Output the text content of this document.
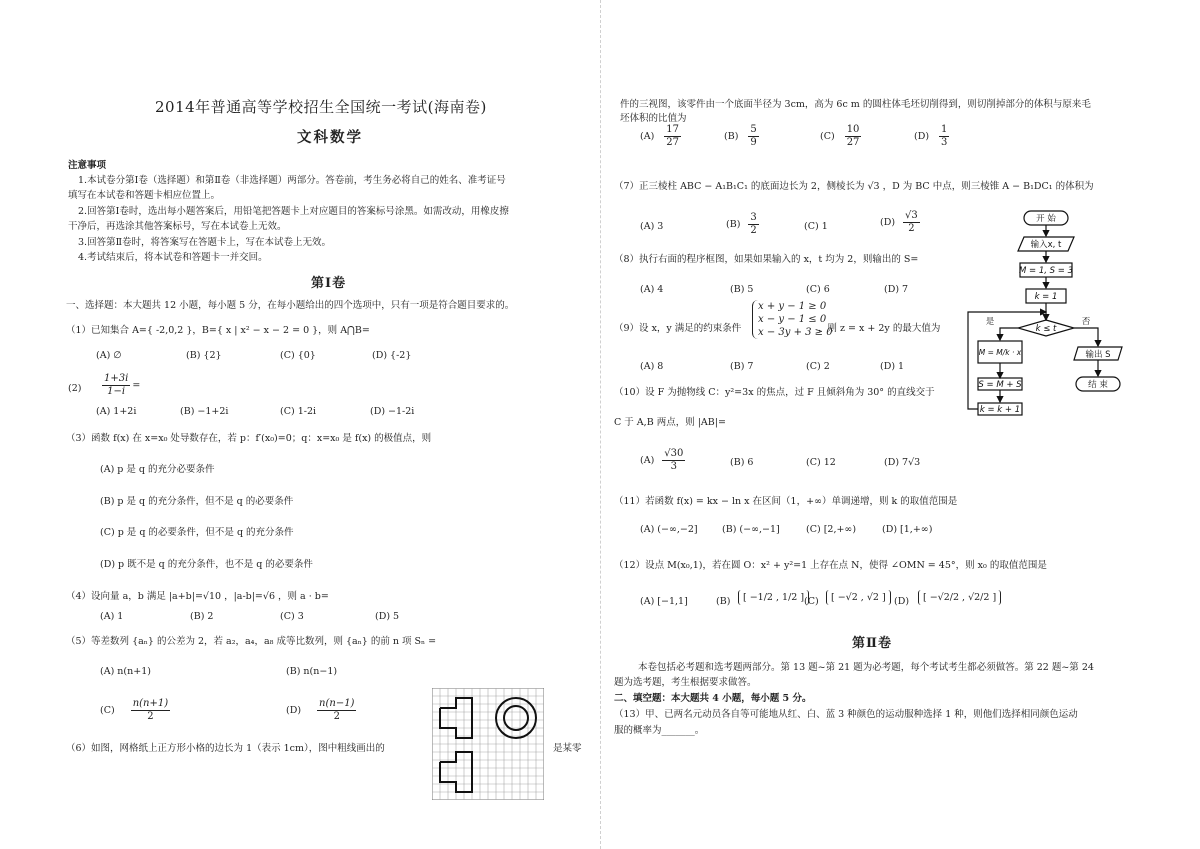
2014年普通高等学校招生全国统一考试(海南卷)
文科数学
注意事项
1.本试卷分第Ⅰ卷（选择题）和第Ⅱ卷（非选择题）两部分。答卷前，考生务必将自己的姓名、准考证号
填写在本试卷和答题卡相应位置上。
2.回答第Ⅰ卷时，选出每小题答案后，用铅笔把答题卡上对应题目的答案标号涂黑。如需改动，用橡皮擦
干净后，再选涂其他答案标号，写在本试卷上无效。
3.回答第Ⅱ卷时，将答案写在答题卡上，写在本试卷上无效。
4.考试结束后，将本试卷和答题卡一并交回。
第Ⅰ卷
一、选择题：本大题共 12 小题，每小题 5 分，在每小题给出的四个选项中，只有一项是符合题目要求的。
（1）已知集合 A={ -2,0,2 }，B={ x | x² − x − 2 = 0 }，则 A⋂B=
(A) ∅	(B) {2}	(C) {0}	(D) {-2}
$(2) \frac{1+3i}{1-i}$ =
(A) 1+2i	(B) −1+2i	(C) 1-2i	(D) −1-2i
（3）函数 f(x) 在 x=x₀ 处导数存在，若 p：f′(x₀)=0；q：x=x₀ 是 f(x) 的极值点，则
(A) p 是 q 的充分必要条件
(B) p 是 q 的充分条件，但不是 q 的必要条件
(C) p 是 q 的必要条件，但不是 q 的充分条件
(D) p 既不是 q 的充分条件，也不是 q 的必要条件
（4）设向量 a，b 满足 |a+b|=√10 ，|a-b|=√6 ，则 a · b=
(A) 1	(B) 2	(C) 3	(D) 5
（5）等差数列 {aₙ} 的公差为 2，若 a₂，a₄，a₈ 成等比数列，则 {aₙ} 的前 n 项 Sₙ =
(A) n(n+1)	(B) n(n−1)
$(C) \frac{n(n+1)}{2}$	$(D) \frac{n(n-1)}{2}$
（6）如图，网格纸上正方形小格的边长为 1（表示 1cm），图中粗线画出的	是某零
件的三视图，该零件由一个底面半径为 3cm，高为 6c m 的圆柱体毛坯切削得到，则切削掉部分的体积与原来毛
坯体积的比值为
$(A) \frac{17}{27}$	$(B) \frac{5}{9}$	$(C) \frac{10}{27}$	$(D) \frac{1}{3}$
（7）正三棱柱 ABC − A₁B₁C₁ 的底面边长为 2，侧棱长为 √3 ，D 为 BC 中点，则三棱锥 A − B₁DC₁ 的体积为
(A) 3	$(B) \frac{3}{2}$	(C) 1	$(D) \frac{√3}{2}$
（8）执行右面的程序框图，如果如果输入的 x，t 均为 2，则输出的 S=
(A) 4	(B) 5	(C) 6	(D) 7
（9）设 x，y 满足的约束条件
x + y − 1 ≥ 0
x − y − 1 ≤ 0
x − 3y + 3 ≥ 0
，则 z = x + 2y 的最大值为
(A) 8	(B) 7	(C) 2	(D) 1
（10）设 F 为抛物线 C：y²=3x 的焦点，过 F 且倾斜角为 30° 的直线交于
C 于 A,B 两点，则 |AB|=
$(A) \frac{√30}{3}$	(B) 6	(C) 12	(D) 7√3
（11）若函数 f(x) = kx − ln x 在区间（1，+∞）单调递增，则 k 的取值范围是
(A) (−∞,−2]	(B) (−∞,−1]	(C) [2,+∞)	(D) [1,+∞)
（12）设点 M(x₀,1)，若在圆 O：x² + y²=1 上存在点 N，使得 ∠OMN = 45°，则 x₀ 的取值范围是
(A) [−1,1]	(B)	[ −1/2 , 1/2 ] (C)	[ −√2 , √2 ] (D)	[ −√2/2 , √2/2 ]
第Ⅱ卷
本卷包括必考题和选考题两部分。第 13 题~第 21 题为必考题，每个考试考生都必须做答。第 22 题~第 24
题为选考题，考生根据要求做答。
二、填空题：本大题共 4 小题，每小题 5 分。
（13）甲、已两名元动员各自等可能地从红、白、蓝 3 种颜色的运动服种选择 1 种，则他们选择相同颜色运动
服的概率为_______。
开 始
输入x, t
M = 1, S = 3
k = 1
k ≤ t
是	否
M = M/k · x
S = M + S
k = k + 1
输出 S
结 束
